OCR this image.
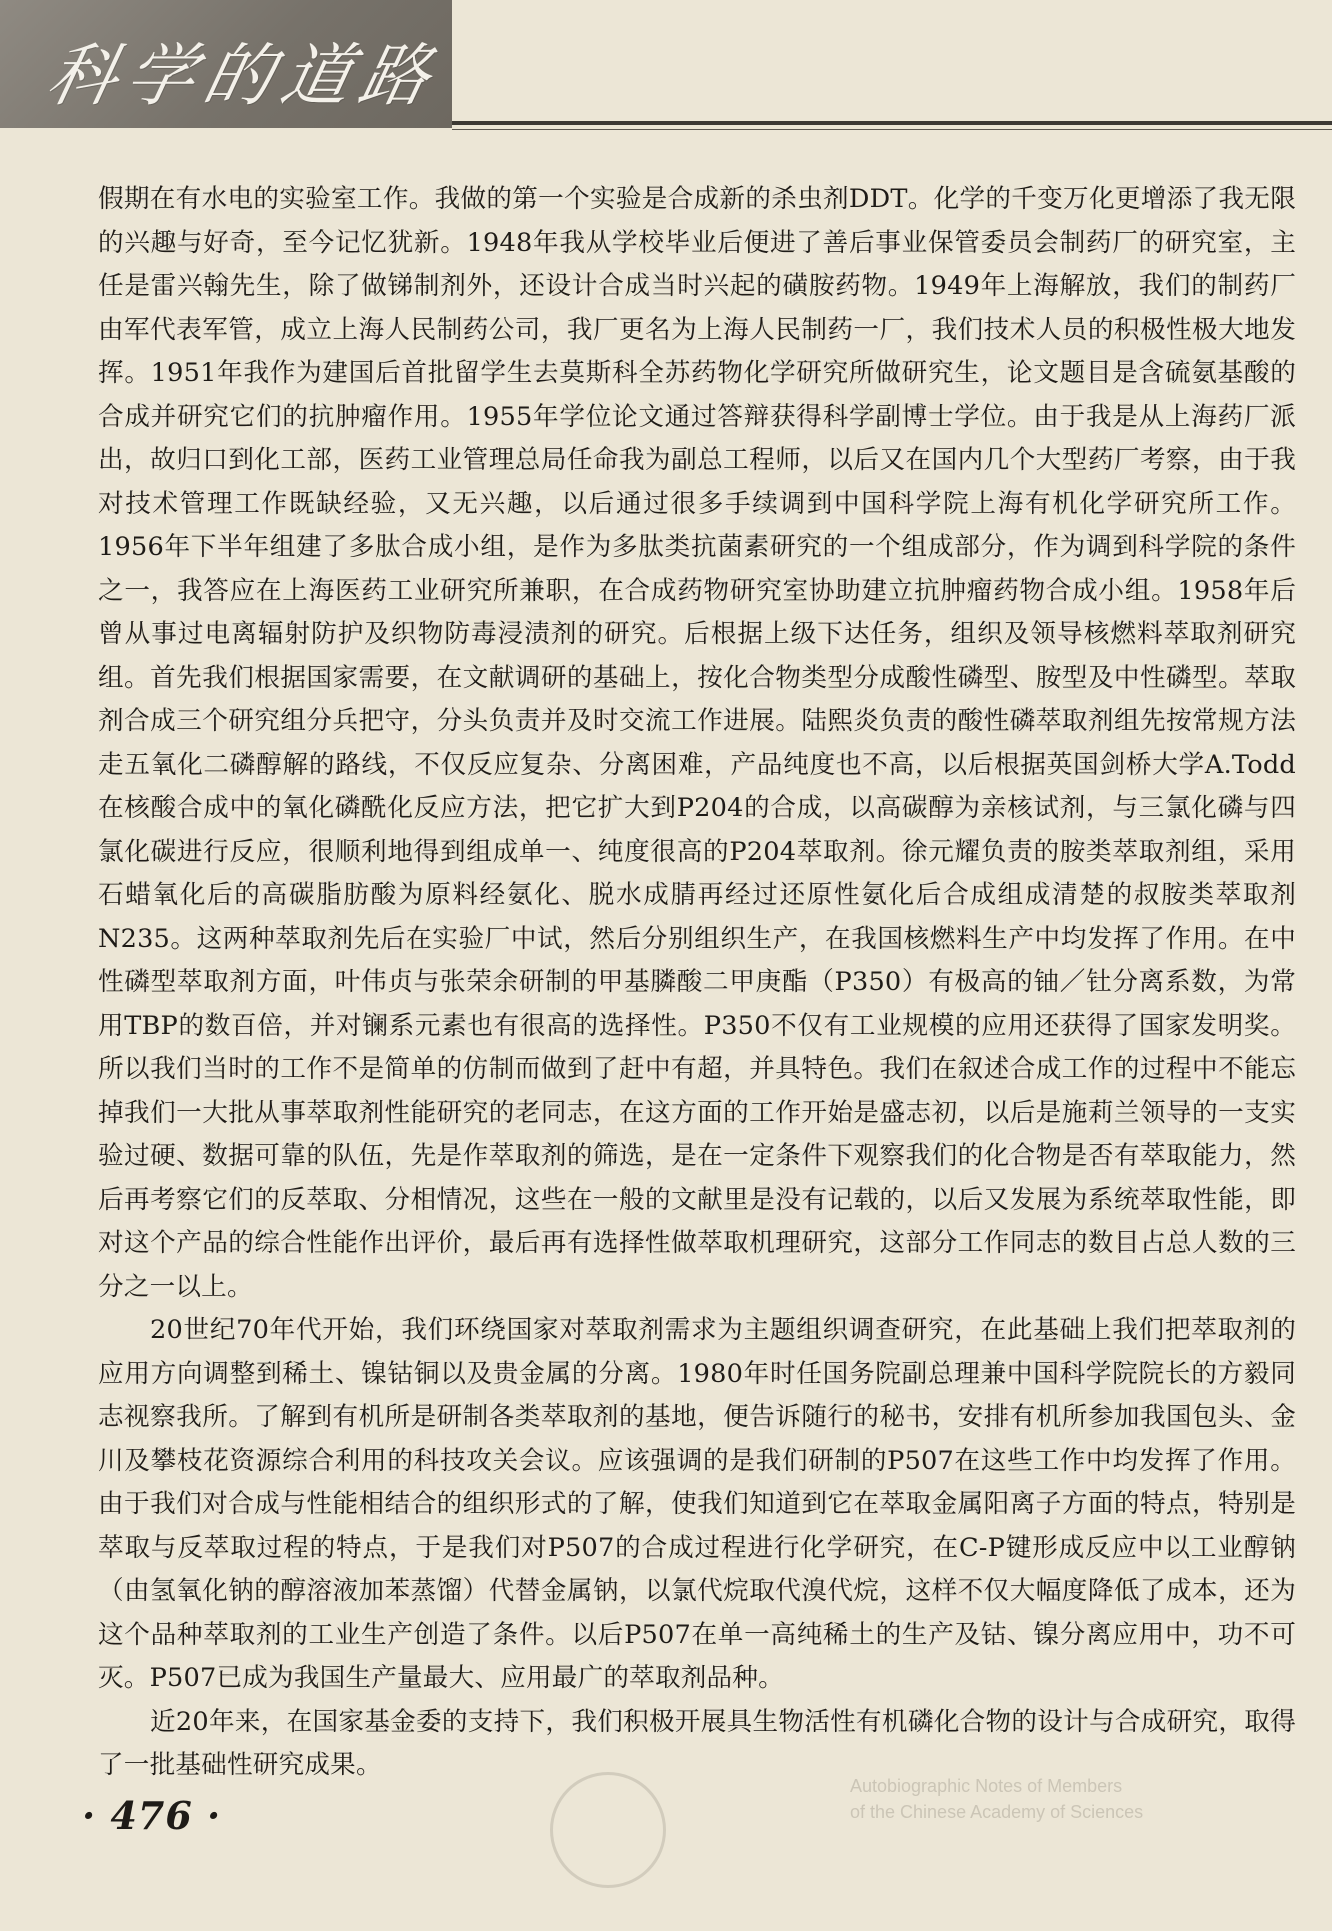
科学的道路

假期在有水电的实验室工作。我做的第一个实验是合成新的杀虫剂DDT。化学的千变万化更增添了我无限的兴趣与好奇，至今记忆犹新。1948年我从学校毕业后便进了善后事业保管委员会制药厂的研究室，主任是雷兴翰先生，除了做锑制剂外，还设计合成当时兴起的磺胺药物。1949年上海解放，我们的制药厂由军代表军管，成立上海人民制药公司，我厂更名为上海人民制药一厂，我们技术人员的积极性极大地发挥。1951年我作为建国后首批留学生去莫斯科全苏药物化学研究所做研究生，论文题目是含硫氨基酸的合成并研究它们的抗肿瘤作用。1955年学位论文通过答辩获得科学副博士学位。由于我是从上海药厂派出，故归口到化工部，医药工业管理总局任命我为副总工程师，以后又在国内几个大型药厂考察，由于我对技术管理工作既缺经验，又无兴趣，以后通过很多手续调到中国科学院上海有机化学研究所工作。1956年下半年组建了多肽合成小组，是作为多肽类抗菌素研究的一个组成部分，作为调到科学院的条件之一，我答应在上海医药工业研究所兼职，在合成药物研究室协助建立抗肿瘤药物合成小组。1958年后曾从事过电离辐射防护及织物防毒浸渍剂的研究。后根据上级下达任务，组织及领导核燃料萃取剂研究组。首先我们根据国家需要，在文献调研的基础上，按化合物类型分成酸性磷型、胺型及中性磷型。萃取剂合成三个研究组分兵把守，分头负责并及时交流工作进展。陆熙炎负责的酸性磷萃取剂组先按常规方法走五氧化二磷醇解的路线，不仅反应复杂、分离困难，产品纯度也不高，以后根据英国剑桥大学A.Todd在核酸合成中的氧化磷酰化反应方法，把它扩大到P204的合成，以高碳醇为亲核试剂，与三氯化磷与四氯化碳进行反应，很顺利地得到组成单一、纯度很高的P204萃取剂。徐元耀负责的胺类萃取剂组，采用石蜡氧化后的高碳脂肪酸为原料经氨化、脱水成腈再经过还原性氨化后合成组成清楚的叔胺类萃取剂N235。这两种萃取剂先后在实验厂中试，然后分别组织生产，在我国核燃料生产中均发挥了作用。在中性磷型萃取剂方面，叶伟贞与张荣余研制的甲基膦酸二甲庚酯（P350）有极高的铀／钍分离系数，为常用TBP的数百倍，并对镧系元素也有很高的选择性。P350不仅有工业规模的应用还获得了国家发明奖。所以我们当时的工作不是简单的仿制而做到了赶中有超，并具特色。我们在叙述合成工作的过程中不能忘掉我们一大批从事萃取剂性能研究的老同志，在这方面的工作开始是盛志初，以后是施莉兰领导的一支实验过硬、数据可靠的队伍，先是作萃取剂的筛选，是在一定条件下观察我们的化合物是否有萃取能力，然后再考察它们的反萃取、分相情况，这些在一般的文献里是没有记载的，以后又发展为系统萃取性能，即对这个产品的综合性能作出评价，最后再有选择性做萃取机理研究，这部分工作同志的数目占总人数的三分之一以上。

20世纪70年代开始，我们环绕国家对萃取剂需求为主题组织调查研究，在此基础上我们把萃取剂的应用方向调整到稀土、镍钴铜以及贵金属的分离。1980年时任国务院副总理兼中国科学院院长的方毅同志视察我所。了解到有机所是研制各类萃取剂的基地，便告诉随行的秘书，安排有机所参加我国包头、金川及攀枝花资源综合利用的科技攻关会议。应该强调的是我们研制的P507在这些工作中均发挥了作用。由于我们对合成与性能相结合的组织形式的了解，使我们知道到它在萃取金属阳离子方面的特点，特别是萃取与反萃取过程的特点，于是我们对P507的合成过程进行化学研究，在C-P键形成反应中以工业醇钠（由氢氧化钠的醇溶液加苯蒸馏）代替金属钠，以氯代烷取代溴代烷，这样不仅大幅度降低了成本，还为这个品种萃取剂的工业生产创造了条件。以后P507在单一高纯稀土的生产及钴、镍分离应用中，功不可灭。P507已成为我国生产量最大、应用最广的萃取剂品种。

近20年来，在国家基金委的支持下，我们积极开展具生物活性有机磷化合物的设计与合成研究，取得了一批基础性研究成果。

Autobiographic Notes of Members
of the Chinese Academy of Sciences
· 476 ·
